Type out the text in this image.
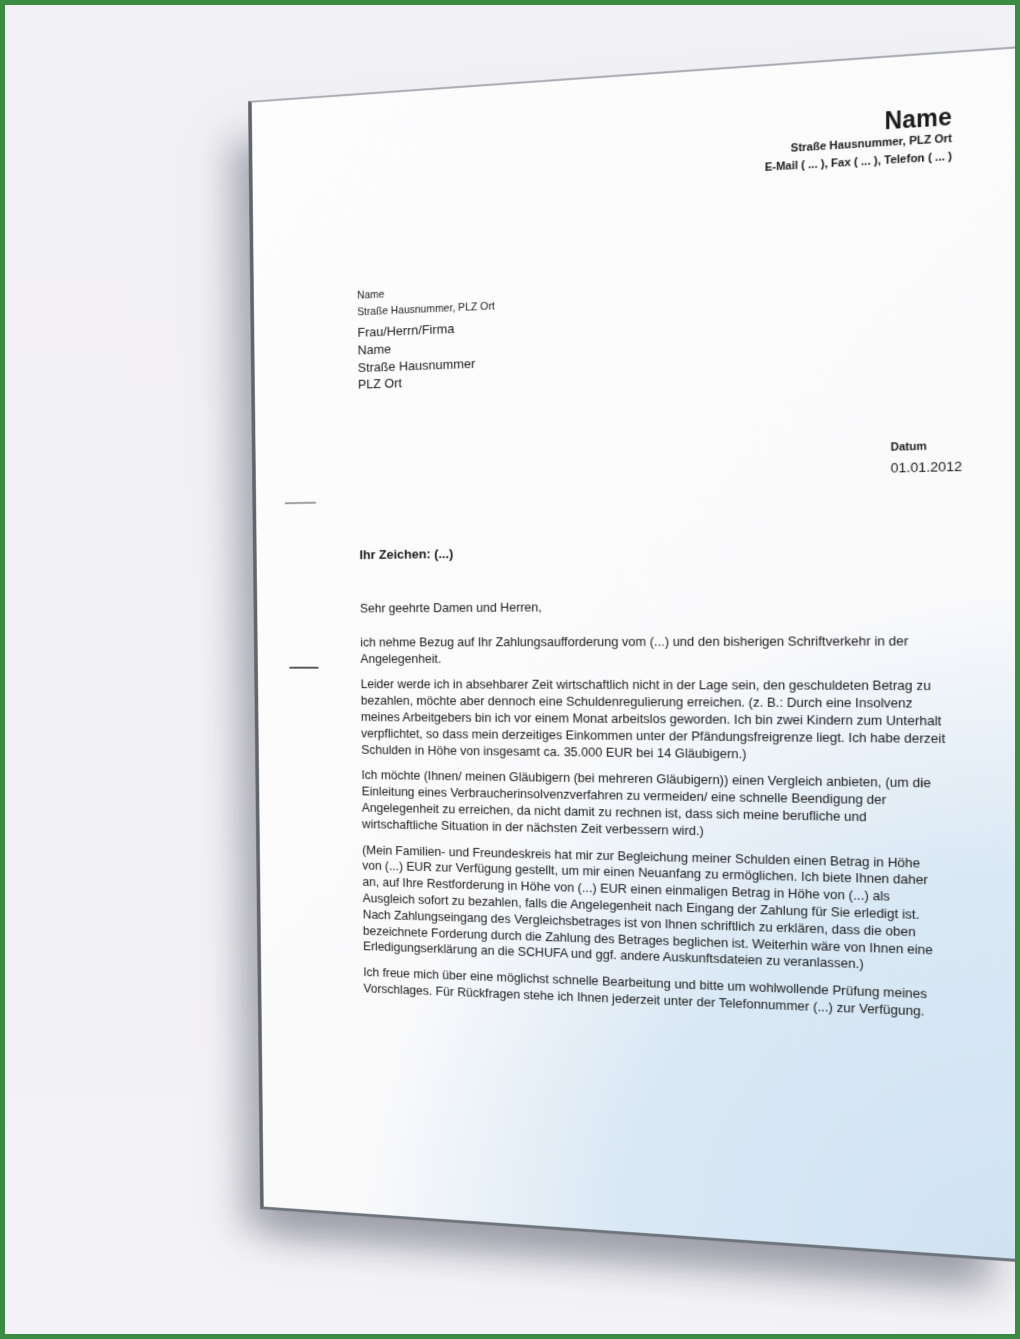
Name
Straße Hausnummer, PLZ Ort
E-Mail ( ... ), Fax ( ... ), Telefon ( ... )
Name
Straße Hausnummer, PLZ Ort
Frau/Herrn/Firma
Name
Straße Hausnummer
PLZ Ort
Datum
01.01.2012
Ihr Zeichen: (...)

Sehr geehrte Damen und Herren,

ich nehme Bezug auf Ihr Zahlungsaufforderung vom (...) und den bisherigen Schriftverkehr in der Angelegenheit.

Leider werde ich in absehbarer Zeit wirtschaftlich nicht in der Lage sein, den geschuldeten Betrag zu bezahlen, möchte aber dennoch eine Schuldenregulierung erreichen. (z. B.: Durch eine Insolvenz meines Arbeitgebers bin ich vor einem Monat arbeitslos geworden. Ich bin zwei Kindern zum Unterhalt verpflichtet, so dass mein derzeitiges Einkommen unter der Pfändungsfreigrenze liegt. Ich habe derzeit Schulden in Höhe von insgesamt ca. 35.000 EUR bei 14 Gläubigern.)

Ich möchte (Ihnen/ meinen Gläubigern (bei mehreren Gläubigern)) einen Vergleich anbieten, (um die Einleitung eines Verbraucherinsolvenzverfahren zu vermeiden/ eine schnelle Beendigung der Angelegenheit zu erreichen, da nicht damit zu rechnen ist, dass sich meine berufliche und wirtschaftliche Situation in der nächsten Zeit verbessern wird.)

(Mein Familien- und Freundeskreis hat mir zur Begleichung meiner Schulden einen Betrag in Höhe von (...) EUR zur Verfügung gestellt, um mir einen Neuanfang zu ermöglichen. Ich biete Ihnen daher an, auf Ihre Restforderung in Höhe von (...) EUR einen einmaligen Betrag in Höhe von (...) als Ausgleich sofort zu bezahlen, falls die Angelegenheit nach Eingang der Zahlung für Sie erledigt ist. Nach Zahlungseingang des Vergleichsbetrages ist von Ihnen schriftlich zu erklären, dass die oben bezeichnete Forderung durch die Zahlung des Betrages beglichen ist. Weiterhin wäre von Ihnen eine Erledigungserklärung an die SCHUFA und ggf. andere Auskunftsdateien zu veranlassen.)

Ich freue mich über eine möglichst schnelle Bearbeitung und bitte um wohlwollende Prüfung meines Vorschlages. Für Rückfragen stehe ich Ihnen jederzeit unter der Telefonnummer (...) zur Verfügung.
